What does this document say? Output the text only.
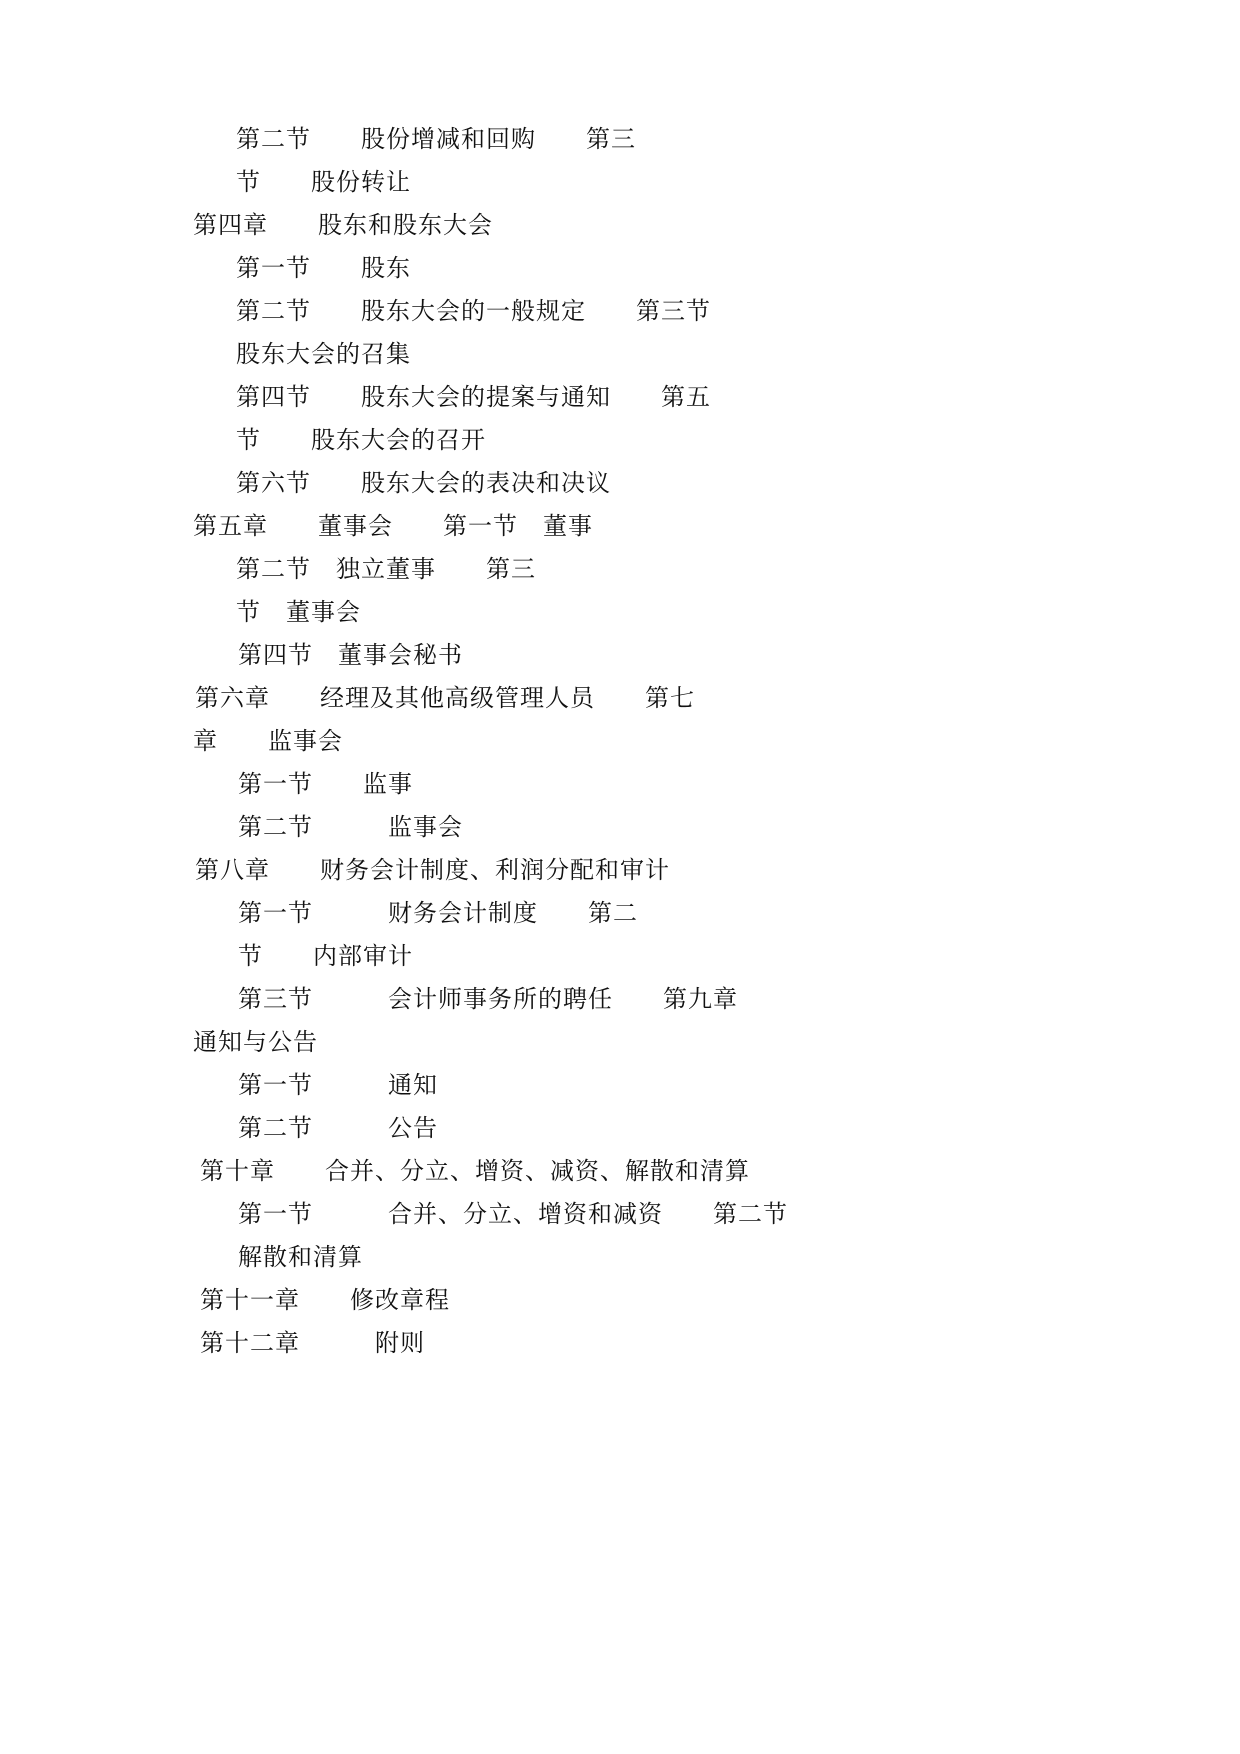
第二节　　股份增减和回购　　第三
节　　股份转让
第四章　　股东和股东大会
第一节　　股东
第二节　　股东大会的一般规定　　第三节
股东大会的召集
第四节　　股东大会的提案与通知　　第五
节　　股东大会的召开
第六节　　股东大会的表决和决议
第五章　　董事会　　第一节　董事
第二节　独立董事　　第三
节　董事会
第四节　董事会秘书
第六章　　经理及其他高级管理人员　　第七
章　　监事会
第一节　　监事
第二节　　　监事会
第八章　　财务会计制度、利润分配和审计
第一节　　　财务会计制度　　第二
节　　内部审计
第三节　　　会计师事务所的聘任　　第九章
通知与公告
第一节　　　通知
第二节　　　公告
第十章　　合并、分立、增资、减资、解散和清算
第一节　　　合并、分立、增资和减资　　第二节
解散和清算
第十一章　　修改章程
第十二章　　　附则
